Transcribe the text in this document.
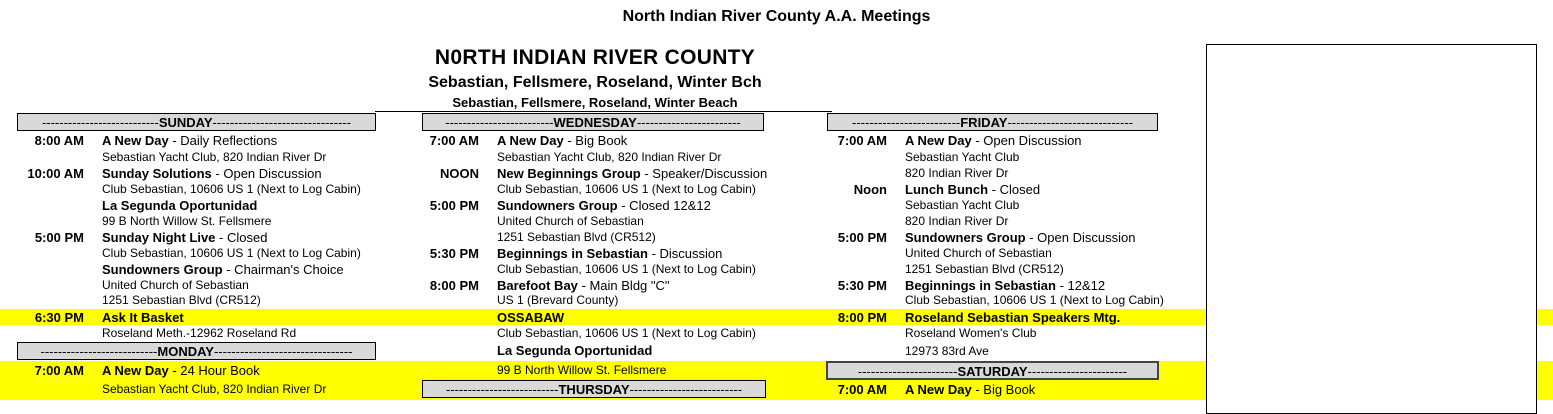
North Indian River County A.A. Meetings
N0RTH INDIAN RIVER COUNTY
Sebastian, Fellsmere, Roseland, Winter Bch
Sebastian, Fellsmere, Roseland, Winter Beach
---------------------------SUNDAY--------------------------------
---------------------------MONDAY--------------------------------
-------------------------WEDNESDAY------------------------
--------------------------THURSDAY--------------------------
-------------------------FRIDAY-----------------------------
-----------------------SATURDAY-----------------------
8:00 AM A New Day - Daily Reflections
Sebastian Yacht Club, 820 Indian River Dr
10:00 AM Sunday Solutions - Open Discussion
Club Sebastian, 10606 US 1 (Next to Log Cabin)
La Segunda Oportunidad
99 B North Willow St. Fellsmere
5:00 PM Sunday Night Live - Closed
Club Sebastian, 10606 US 1 (Next to Log Cabin)
Sundowners Group - Chairman's Choice
United Church of Sebastian
1251 Sebastian Blvd (CR512)
6:30 PM Ask It Basket
Roseland Meth.-12962 Roseland Rd
7:00 AM A New Day - 24 Hour Book
Sebastian Yacht Club, 820 Indian River Dr
7:00 AM A New Day - Big Book
Sebastian Yacht Club, 820 Indian River Dr
NOON New Beginnings Group - Speaker/Discussion
Club Sebastian, 10606 US 1 (Next to Log Cabin)
5:00 PM Sundowners Group - Closed 12&12
United Church of Sebastian
1251 Sebastian Blvd (CR512)
5:30 PM Beginnings in Sebastian - Discussion
Club Sebastian, 10606 US 1 (Next to Log Cabin)
8:00 PM Barefoot Bay - Main Bldg "C"
US 1 (Brevard County)
OSSABAW
Club Sebastian, 10606 US 1 (Next to Log Cabin)
La Segunda Oportunidad
99 B North Willow St. Fellsmere
7:00 AM A New Day - Open Discussion
Sebastian Yacht Club
820 Indian River Dr
Noon Lunch Bunch - Closed
Sebastian Yacht Club
820 Indian River Dr
5:00 PM Sundowners Group - Open Discussion
United Church of Sebastian
1251 Sebastian Blvd (CR512)
5:30 PM Beginnings in Sebastian - 12&12
Club Sebastian, 10606 US 1 (Next to Log Cabin)
8:00 PM Roseland Sebastian Speakers Mtg.
Roseland Women's Club
12973 83rd Ave
7:00 AM A New Day - Big Book
